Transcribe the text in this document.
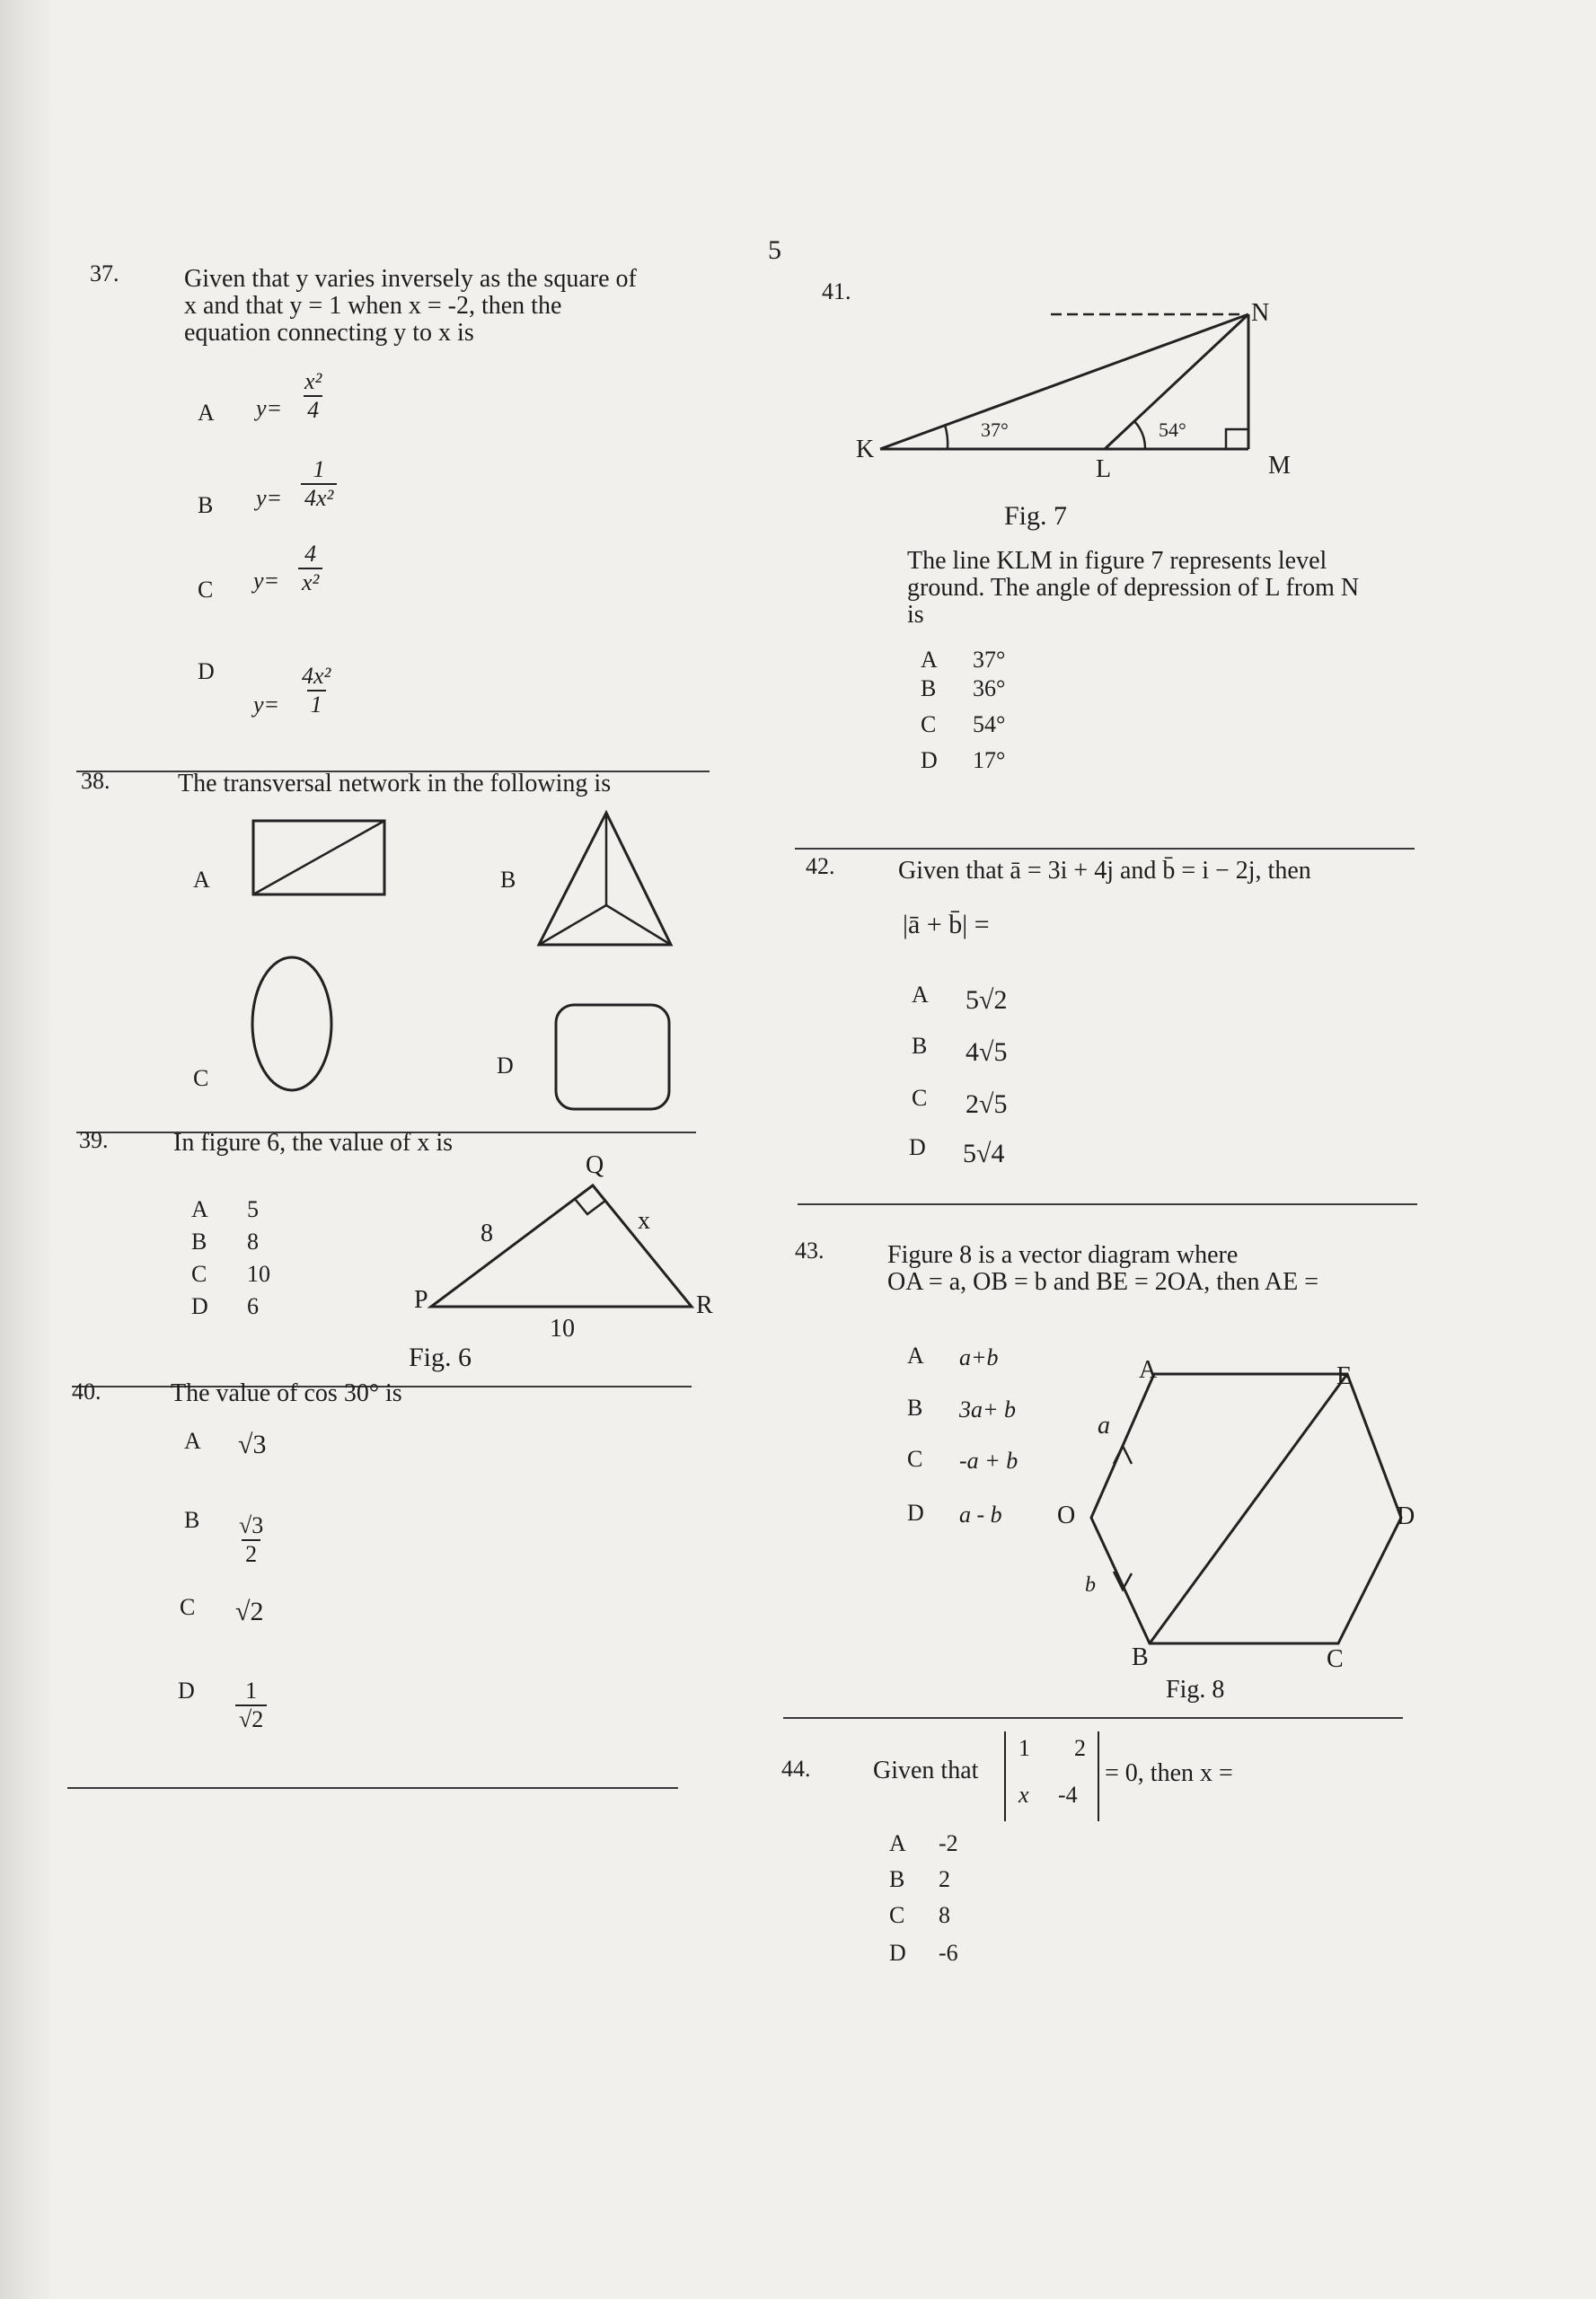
5
37.	Given that y varies inversely as the square of
x and that y = 1 when x = -2, then the
equation connecting y to x is
A $y= \frac{\text{x²}}{4}$
B $y= \frac{1}{\text{4x²}}$
C $y= \frac{4}{\text{x²}}$
D
$y= \frac{\text{4x²}}{1}$
38.	The transversal network in the following is
A	B
C	D
39.	In figure 6, the value of x is
A 5
B 8
C 10
D 6	P
Q
R
8	x
10
Fig. 6
40.	The value of cos 30° is
A √3
B $\frac{√3}{2}$
C √2
D $\frac{1}{√2}$
41.
K
L	M
N
37°	54°
Fig. 7
The line KLM in figure 7 represents level
ground. The angle of depression of L from N
is
A 37°
B 36°
C 54°
D 17°
42.	Given that ā = 3i + 4j and b̄ = i − 2j, then
|ā + b̄| =
A 5√2
B 4√5
C 2√5
D 5√4
43.	Figure 8 is a vector diagram where
OA = a, OB = b and BE = 2OA, then AE =
A a+b
B 3a+ b
C -a + b
D a - b O
A	E
D
B	C
a
b
Fig. 8
44. Given that
1 2
x -4
= 0, then x =
A -2
B 2
C 8
D -6
